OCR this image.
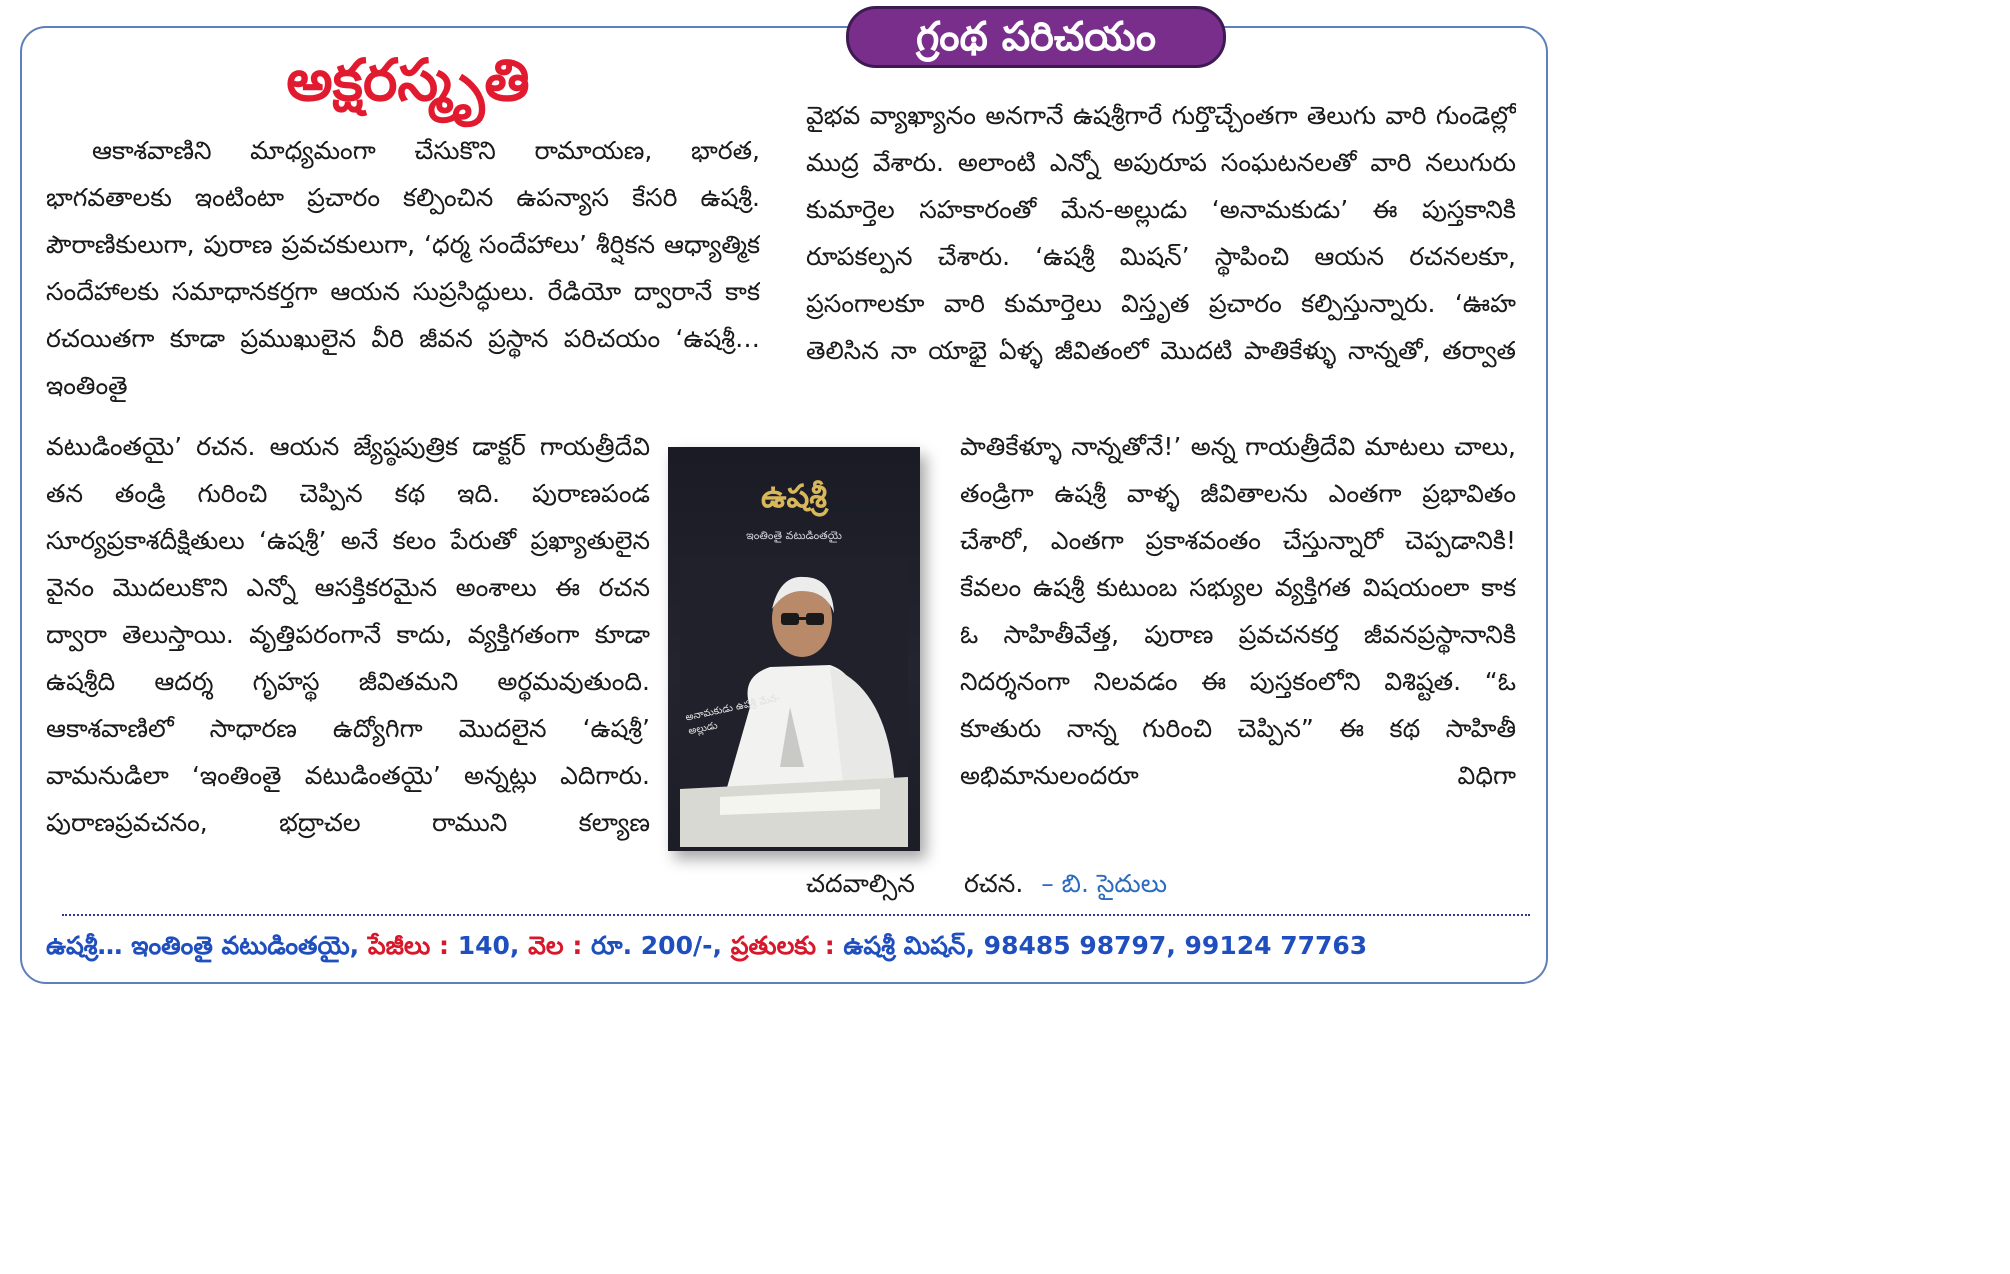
గ్రంథ పరిచయం
అక్షరస్మృతి

ఆకాశవాణిని మాధ్యమంగా చేసుకొని రామాయణ, భారత, భాగవతాలకు ఇంటింటా ప్రచారం కల్పించిన ఉపన్యాస కేసరి ఉషశ్రీ. పౌరాణికులుగా, పురాణ ప్రవచకులుగా, ‘ధర్మ సందేహాలు’ శీర్షికన ఆధ్యాత్మిక సందేహాలకు సమాధానకర్తగా ఆయన సుప్రసిద్ధులు. రేడియో ద్వారానే కాక రచయితగా కూడా ప్రముఖులైన వీరి జీవన ప్రస్థాన పరిచయం ‘ఉషశ్రీ… ఇంతింతై

వటుడింతయై’ రచన. ఆయన జ్యేష్ఠపుత్రిక డాక్టర్ గాయత్రీదేవి తన తండ్రి గురించి చెప్పిన కథ ఇది. పురాణపండ సూర్యప్రకాశదీక్షితులు ‘ఉషశ్రీ’ అనే కలం పేరుతో ప్రఖ్యాతులైన వైనం మొదలుకొని ఎన్నో ఆసక్తికరమైన అంశాలు ఈ రచన ద్వారా తెలుస్తాయి. వృత్తిపరంగానే కాదు, వ్యక్తిగతంగా కూడా ఉషశ్రీది ఆదర్శ గృహస్థ జీవితమని అర్థమవుతుంది. ఆకాశవాణిలో సాధారణ ఉద్యోగిగా మొదలైన ‘ఉషశ్రీ’ వామనుడిలా ‘ఇంతింతై వటుడింతయై’ అన్నట్లు ఎదిగారు. పురాణప్రవచనం, భద్రాచల రాముని కల్యాణ

వైభవ వ్యాఖ్యానం అనగానే ఉషశ్రీగారే గుర్తొచ్చేంతగా తెలుగు వారి గుండెల్లో ముద్ర వేశారు. అలాంటి ఎన్నో అపురూప సంఘటనలతో వారి నలుగురు కుమార్తెల సహకారంతో మేన-అల్లుడు ‘అనామకుడు’ ఈ పుస్తకానికి రూపకల్పన చేశారు. ‘ఉషశ్రీ మిషన్’ స్థాపించి ఆయన రచనలకూ, ప్రసంగాలకూ వారి కుమార్తెలు విస్తృత ప్రచారం కల్పిస్తున్నారు. ‘ఊహ తెలిసిన నా యాభై ఏళ్ళ జీవితంలో మొదటి పాతికేళ్ళు నాన్నతో, తర్వాత

పాతికేళ్ళూ నాన్నతోనే!’ అన్న గాయత్రీదేవి మాటలు చాలు, తండ్రిగా ఉషశ్రీ వాళ్ళ జీవితాలను ఎంతగా ప్రభావితం చేశారో, ఎంతగా ప్రకాశవంతం చేస్తున్నారో చెప్పడానికి! కేవలం ఉషశ్రీ కుటుంబ సభ్యుల వ్యక్తిగత విషయంలా కాక ఓ సాహితీవేత్త, పురాణ ప్రవచనకర్త జీవనప్రస్థానానికి నిదర్శనంగా నిలవడం ఈ పుస్తకంలోని విశిష్టత. “ఓ కూతురు నాన్న గురించి చెప్పిన” ఈ కథ సాహితీ అభిమానులందరూ విధిగా

చదవాల్సిన రచన. – బి. సైదులు
ఉషశ్రీ
ఇంతింతై వటుడింతయై
అనామకుడు ఉషశ్రీ మేన-అల్లుడు
ఉషశ్రీ… ఇంతింతై వటుడింతయై, పేజీలు : 140, వెల : రూ. 200/-, ప్రతులకు : ఉషశ్రీ మిషన్, 98485 98797, 99124 77763
